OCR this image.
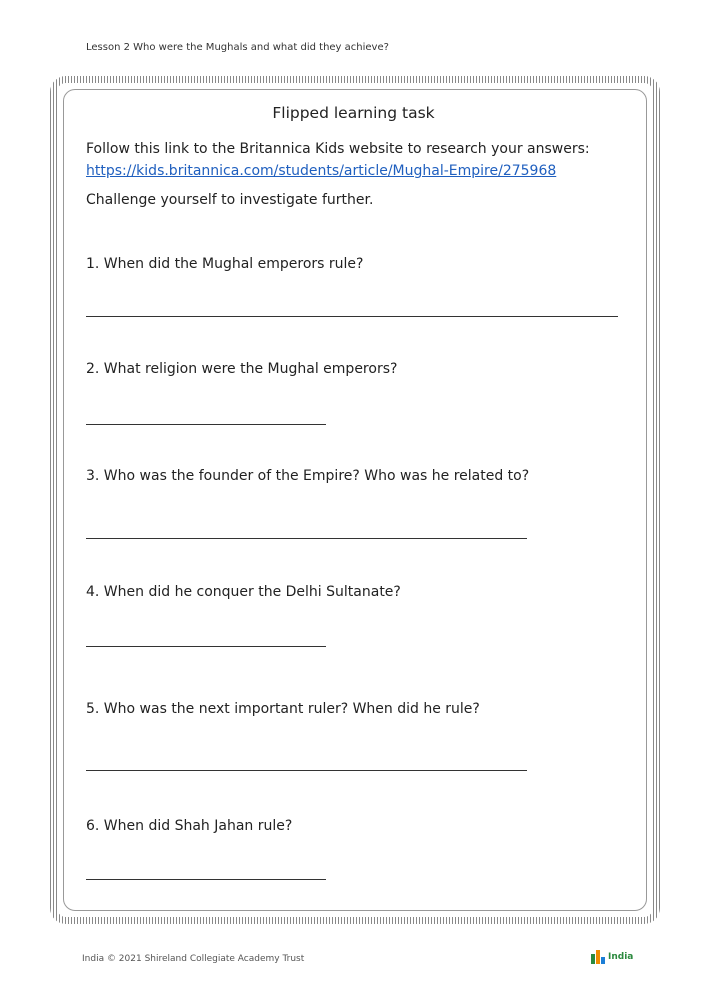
Lesson 2 Who were the Mughals and what did they achieve?
Flipped learning task
Follow this link to the Britannica Kids website to research your answers: https://kids.britannica.com/students/article/Mughal-Empire/275968
Challenge yourself to investigate further.
1. When did the Mughal emperors rule?
2. What religion were the Mughal emperors?
3. Who was the founder of the Empire? Who was he related to?
4. When did he conquer the Delhi Sultanate?
5. Who was the next important ruler? When did he rule?
6. When did Shah Jahan rule?
India © 2021 Shireland Collegiate Academy Trust	India
